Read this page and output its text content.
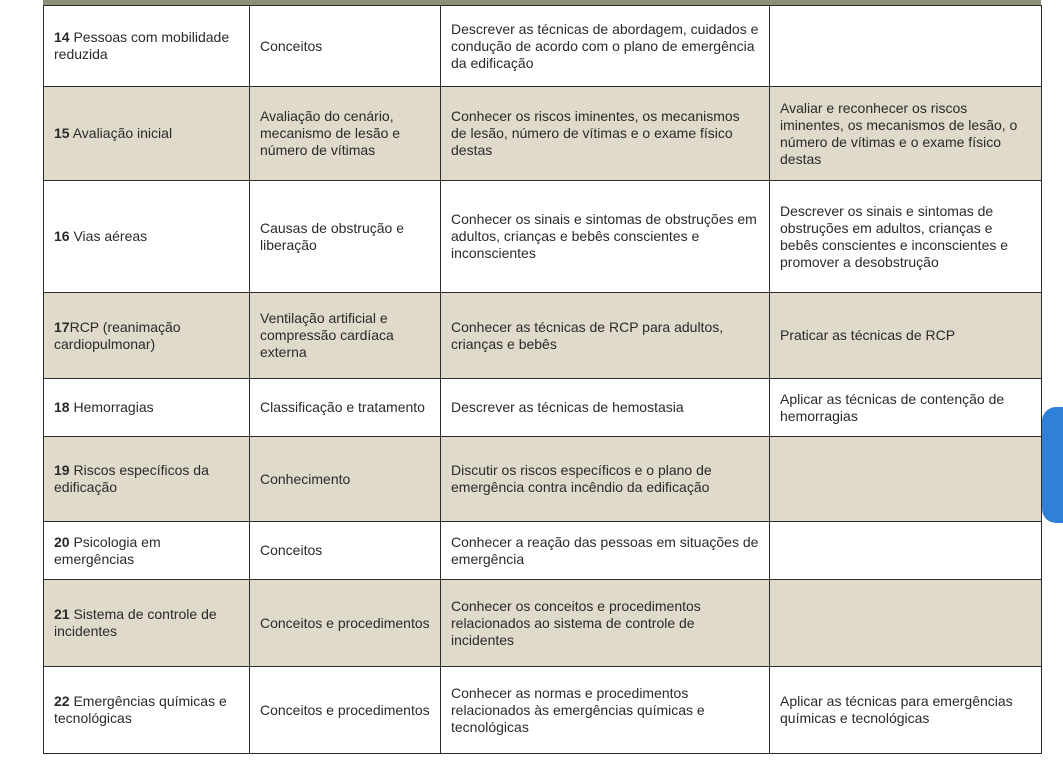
14 Pessoas com mobilidade reduzida	Conceitos	Descrever as técnicas de abordagem, cuidados e condução de acordo com o plano de emergência da edificação	
15 Avaliação inicial	Avaliação do cenário, mecanismo de lesão e número de vítimas	Conhecer os riscos iminentes, os mecanismos de lesão, número de vítimas e o exame físico destas	Avaliar e reconhecer os riscos iminentes, os mecanismos de lesão, o número de vítimas e o exame físico destas
16 Vias aéreas	Causas de obstrução e liberação	Conhecer os sinais e sintomas de obstruções em adultos, crianças e bebês conscientes e inconscientes	Descrever os sinais e sintomas de obstruções em adultos, crianças e bebês conscientes e inconscientes e promover a desobstrução
17RCP (reanimação cardiopulmonar)	Ventilação artificial e compressão cardíaca externa	Conhecer as técnicas de RCP para adultos, crianças e bebês	Praticar as técnicas de RCP
18 Hemorragias	Classificação e tratamento	Descrever as técnicas de hemostasia	Aplicar as técnicas de contenção de hemorragias
19 Riscos específicos da edificação	Conhecimento	Discutir os riscos específicos e o plano de emergência contra incêndio da edificação	
20 Psicologia em emergências	Conceitos	Conhecer a reação das pessoas em situações de emergência	
21 Sistema de controle de incidentes	Conceitos e procedimentos	Conhecer os conceitos e procedimentos relacionados ao sistema de controle de incidentes	
22 Emergências químicas e tecnológicas	Conceitos e procedimentos	Conhecer as normas e procedimentos relacionados às emergências químicas e tecnológicas	Aplicar as técnicas para emergências químicas e tecnológicas
